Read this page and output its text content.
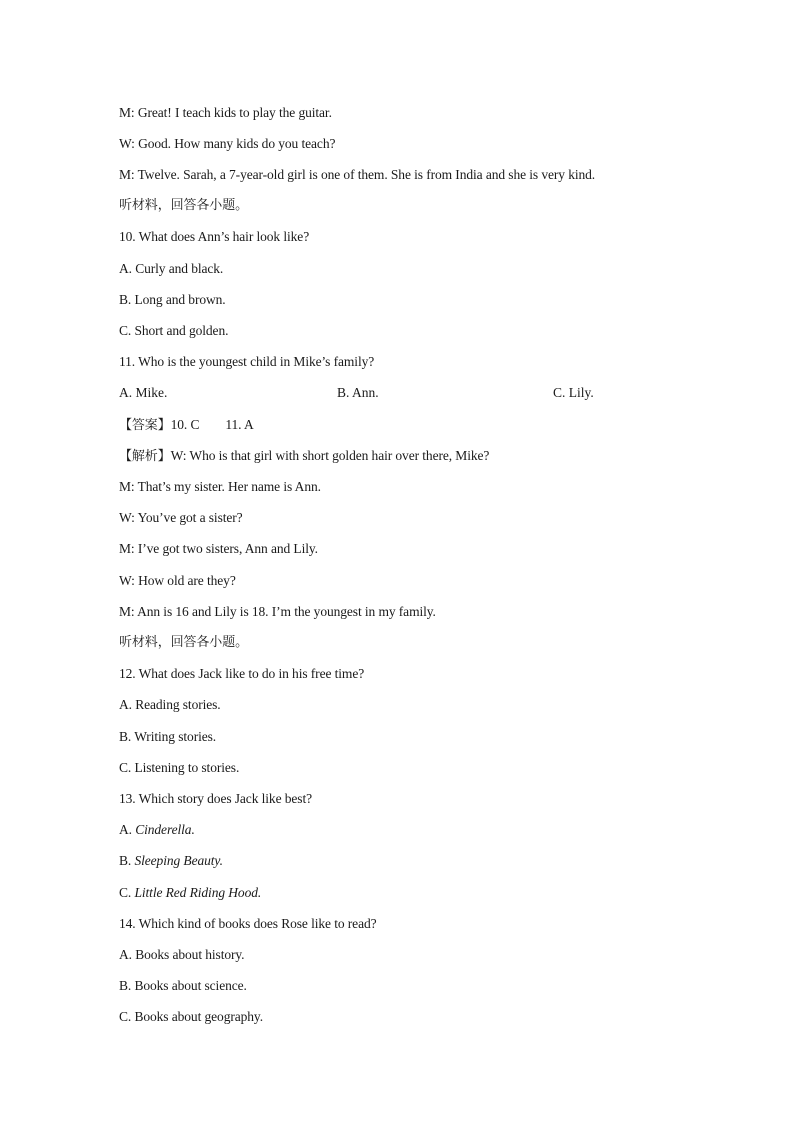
M: Great! I teach kids to play the guitar.
W: Good. How many kids do you teach?
M: Twelve. Sarah, a 7-year-old girl is one of them. She is from India and she is very kind.
听材料，回答各小题。
10. What does Ann’s hair look like?
A. Curly and black.
B. Long and brown.
C. Short and golden.
11. Who is the youngest child in Mike’s family?
A. Mike.	B. Ann.	C. Lily.
【答案】10. C 11. A
【解析】W: Who is that girl with short golden hair over there, Mike?
M: That’s my sister. Her name is Ann.
W: You’ve got a sister?
M: I’ve got two sisters, Ann and Lily.
W: How old are they?
M: Ann is 16 and Lily is 18. I’m the youngest in my family.
听材料，回答各小题。
12. What does Jack like to do in his free time?
A. Reading stories.
B. Writing stories.
C. Listening to stories.
13. Which story does Jack like best?
A. Cinderella.
B. Sleeping Beauty.
C. Little Red Riding Hood.
14. Which kind of books does Rose like to read?
A. Books about history.
B. Books about science.
C. Books about geography.
